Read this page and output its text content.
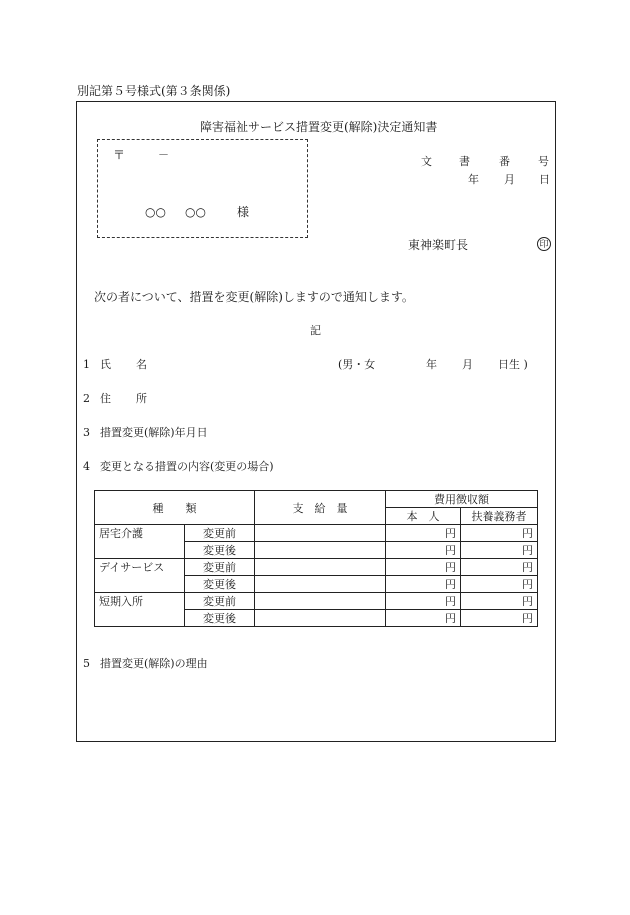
別記第５号様式(第３条関係)
障害福祉サービス措置変更(解除)決定通知書
〒	－
○○ ○○	様
文 書	番	号
年 月 日
東神楽町長	印
次の者について、措置を変更(解除)しますので通知します。
記
1 氏 名	(男・女	年 月 日生 )
2 住 所
3 措置変更(解除)年月日
4 変更となる措置の内容(変更の場合)
種　　類		支　給　量	費用徴収額	
			本　人	扶養義務者
居宅介護	変更前		円	円
	変更後		円	円
デイサービス	変更前		円	円
	変更後		円	円
短期入所	変更前		円	円
	変更後		円	円
5 措置変更(解除)の理由
